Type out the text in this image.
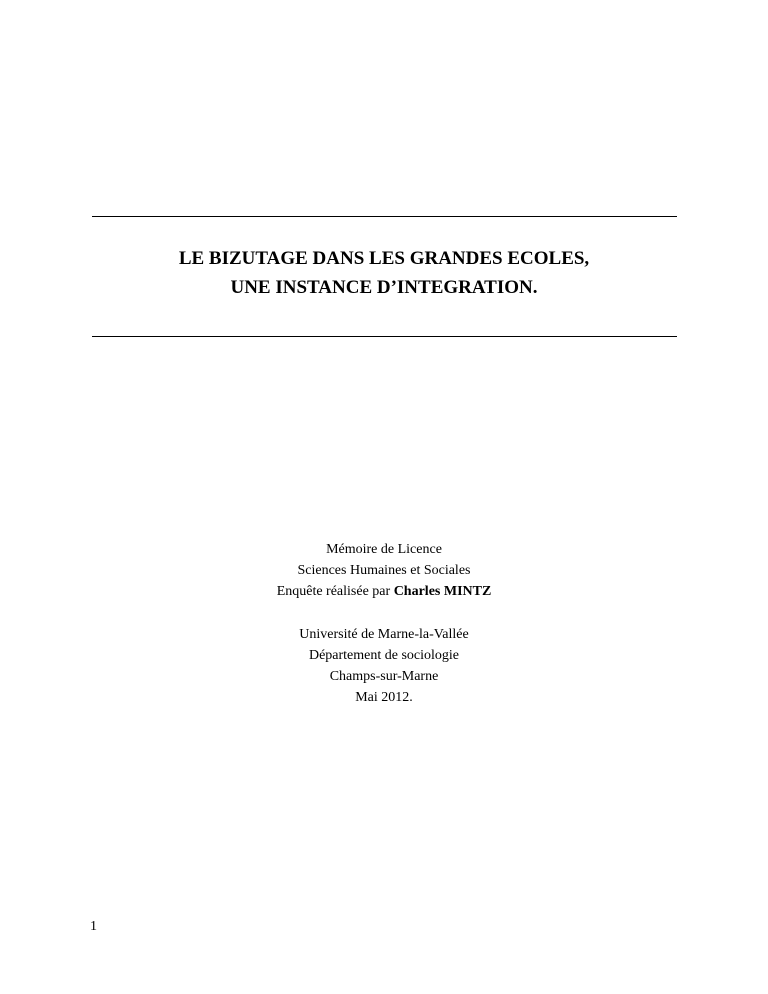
LE BIZUTAGE DANS LES GRANDES ECOLES,
UNE INSTANCE D’INTEGRATION.
Mémoire de Licence
Sciences Humaines et Sociales
Enquête réalisée par Charles MINTZ
Université de Marne-la-Vallée
Département de sociologie
Champs-sur-Marne
Mai 2012.
1
